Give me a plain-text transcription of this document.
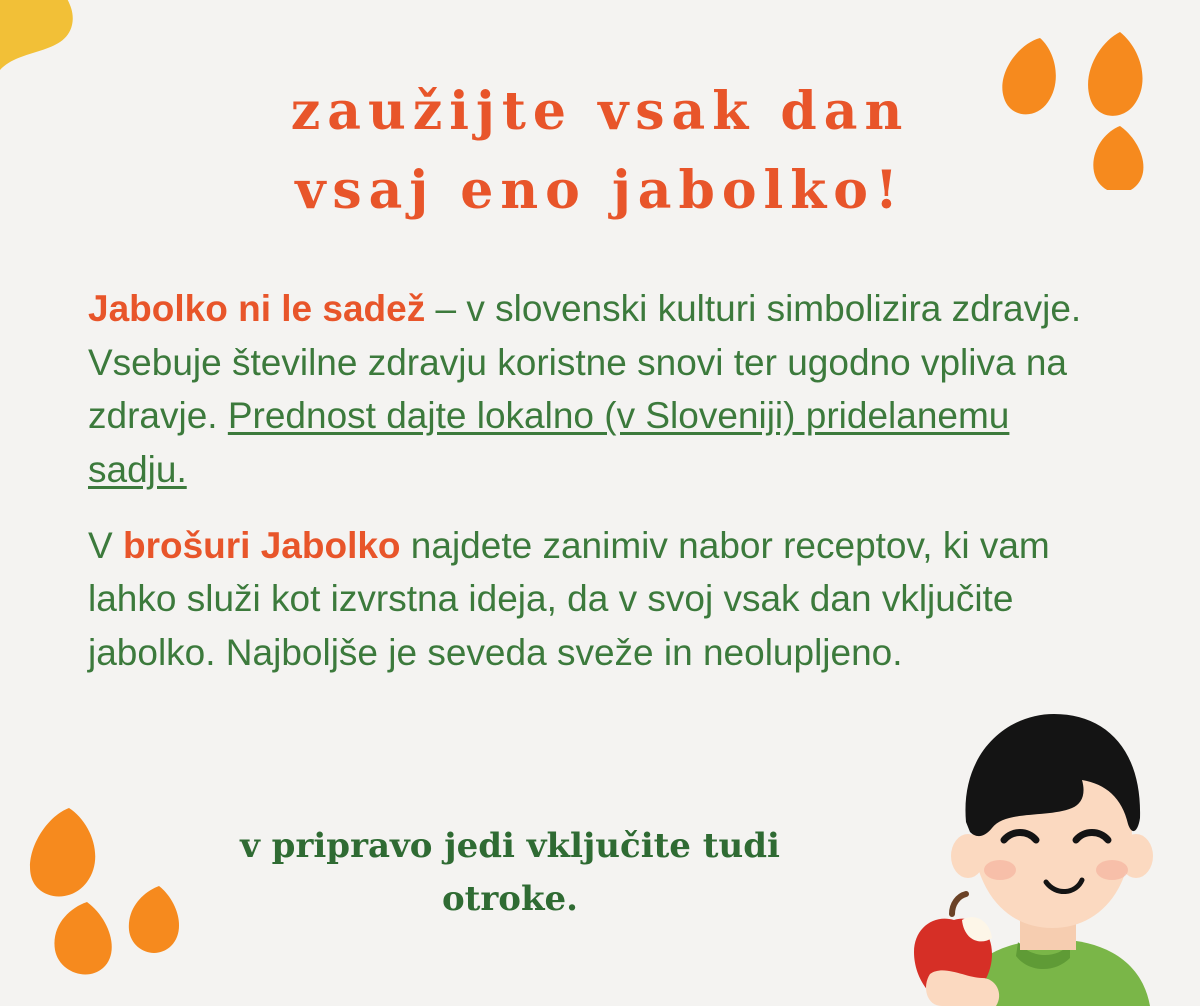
zaužijte vsak dan
vsaj eno jabolko!

Jabolko ni le sadež – v slovenski kulturi simbolizira zdravje. Vsebuje številne zdravju koristne snovi ter ugodno vpliva na zdravje. Prednost dajte lokalno (v Sloveniji) pridelanemu sadju.

V brošuri Jabolko najdete zanimiv nabor receptov, ki vam lahko služi kot izvrstna ideja, da v svoj vsak dan vključite jabolko. Najboljše je seveda sveže in neolupljeno.

v pripravo jedi vključite tudi
otroke.
